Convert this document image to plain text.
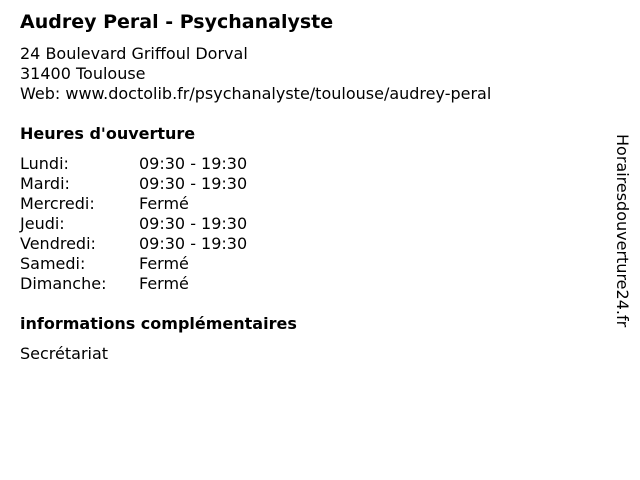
Audrey Peral - Psychanalyste
24 Boulevard Griffoul Dorval
31400 Toulouse
Web: www.doctolib.fr/psychanalyste/toulouse/audrey-peral
Heures d'ouverture
Lundi:	09:30 - 19:30
Mardi:	09:30 - 19:30
Mercredi:	Fermé
Jeudi:	09:30 - 19:30
Vendredi:	09:30 - 19:30
Samedi:	Fermé
Dimanche: Fermé
informations complémentaires
Secrétariat
Horairesdouverture24.fr
